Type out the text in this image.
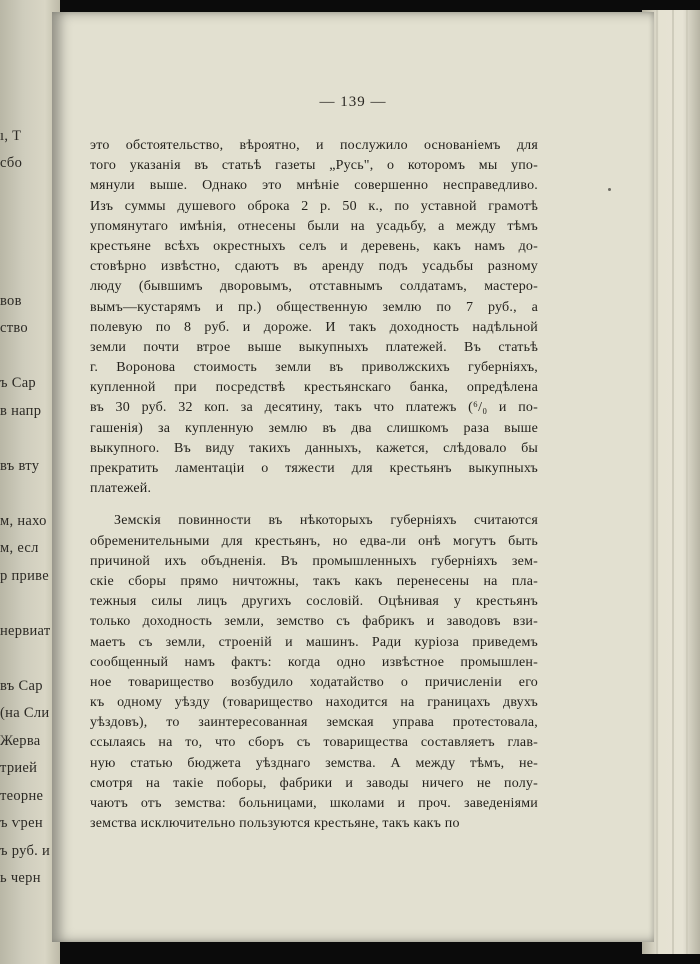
ı, Т
сбо
вов
ство
ъ Сар
в напр
въ вту
м, нахо
м, есл
р приве
нервиат
въ Сар
(на Сли
Жерва
трией
теорне
ъ ѵрен
ъ руб. и
ь черн
— 139 —
это обстоятельство, вѣроятно, и послужило основаніемъ для
того указанія въ статьѣ газеты „Русь", о которомъ мы упо-
мянули выше. Однако это мнѣніе совершенно несправедливо.
Изъ суммы душевого оброка 2 р. 50 к., по уставной грамотѣ
упомянутаго имѣнія, отнесены были на усадьбу, а между тѣмъ
крестьяне всѣхъ окрестныхъ селъ и деревень, какъ намъ до-
стовѣрно извѣстно, сдаютъ въ аренду подъ усадьбы разному
люду (бывшимъ дворовымъ, отставнымъ солдатамъ, мастеро-
вымъ—кустарямъ и пр.) общественную землю по 7 руб., а
полевую по 8 руб. и дороже. И такъ доходность надѣльной
земли почти втрое выше выкупныхъ платежей. Въ статьѣ
г. Воронова стоимость земли въ приволжскихъ губерніяхъ,
купленной при посредствѣ крестьянскаго банка, опредѣлена
въ 30 руб. 32 коп. за десятину, такъ что платежъ (⁶/₀ и по-
гашенія) за купленную землю въ два слишкомъ раза выше
выкупного. Въ виду такихъ данныхъ, кажется, слѣдовало бы
прекратить ламентаціи о тяжести для крестьянъ выкупныхъ
платежей.
Земскія повинности въ нѣкоторыхъ губерніяхъ считаются
обременительными для крестьянъ, но едва-ли онѣ могутъ быть
причиной ихъ объдненія. Въ промышленныхъ губерніяхъ зем-
скіе сборы прямо ничтожны, такъ какъ перенесены на пла-
тежныя силы лицъ другихъ сословій. Оцѣнивая у крестьянъ
только доходность земли, земство съ фабрикъ и заводовъ взи-
маетъ съ земли, строеній и машинъ. Ради куріоза приведемъ
сообщенный намъ фактъ: когда одно извѣстное промышлен-
ное товарищество возбудило ходатайство о причисленіи его
къ одному уѣзду (товарищество находится на границахъ двухъ
уѣздовъ), то заинтересованная земская управа протестовала,
ссылаясь на то, что сборъ съ товарищества составляетъ глав-
ную статью бюджета уѣзднаго земства. А между тѣмъ, не-
смотря на такіе поборы, фабрики и заводы ничего не полу-
чаютъ отъ земства: больницами, школами и проч. заведеніями
земства исключительно пользуются крестьяне, такъ какъ по
